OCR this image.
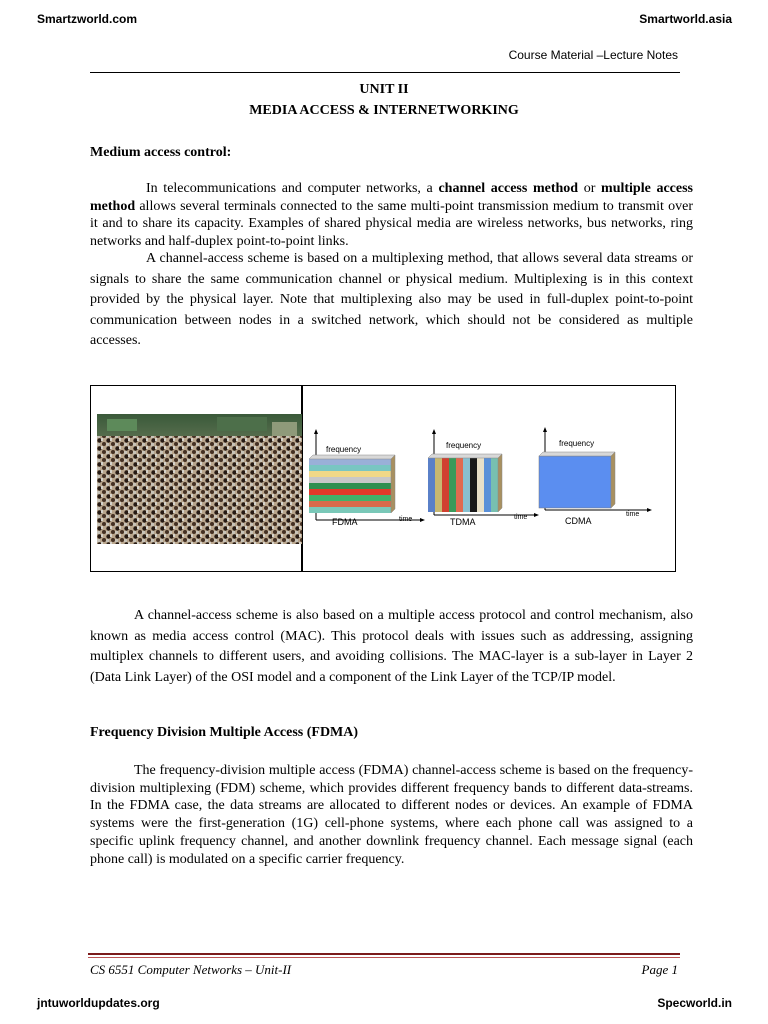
Smartzworld.com	Smartworld.asia
Course Material –Lecture Notes
UNIT II
MEDIA ACCESS & INTERNETWORKING
Medium access control:
In telecommunications and computer networks, a channel access method or multiple access method allows several terminals connected to the same multi-point transmission medium to transmit over it and to share its capacity. Examples of shared physical media are wireless networks, bus networks, ring networks and half-duplex point-to-point links.
A channel-access scheme is based on a multiplexing method, that allows several data streams or signals to share the same communication channel or physical medium. Multiplexing is in this context provided by the physical layer. Note that multiplexing also may be used in full-duplex point-to-point communication between nodes in a switched network, which should not be considered as multiple accesses.
frequency
time
FDMA
frequency
time
TDMA
frequency
time
CDMA
A channel-access scheme is also based on a multiple access protocol and control mechanism, also known as media access control (MAC). This protocol deals with issues such as addressing, assigning multiplex channels to different users, and avoiding collisions. The MAC-layer is a sub-layer in Layer 2 (Data Link Layer) of the OSI model and a component of the Link Layer of the TCP/IP model.
Frequency Division Multiple Access (FDMA)
The frequency-division multiple access (FDMA) channel-access scheme is based on the frequency-division multiplexing (FDM) scheme, which provides different frequency bands to different data-streams. In the FDMA case, the data streams are allocated to different nodes or devices. An example of FDMA systems were the first-generation (1G) cell-phone systems, where each phone call was assigned to a specific uplink frequency channel, and another downlink frequency channel. Each message signal (each phone call) is modulated on a specific carrier frequency.
CS 6551 Computer Networks – Unit-II	Page 1
jntuworldupdates.org	Specworld.in
